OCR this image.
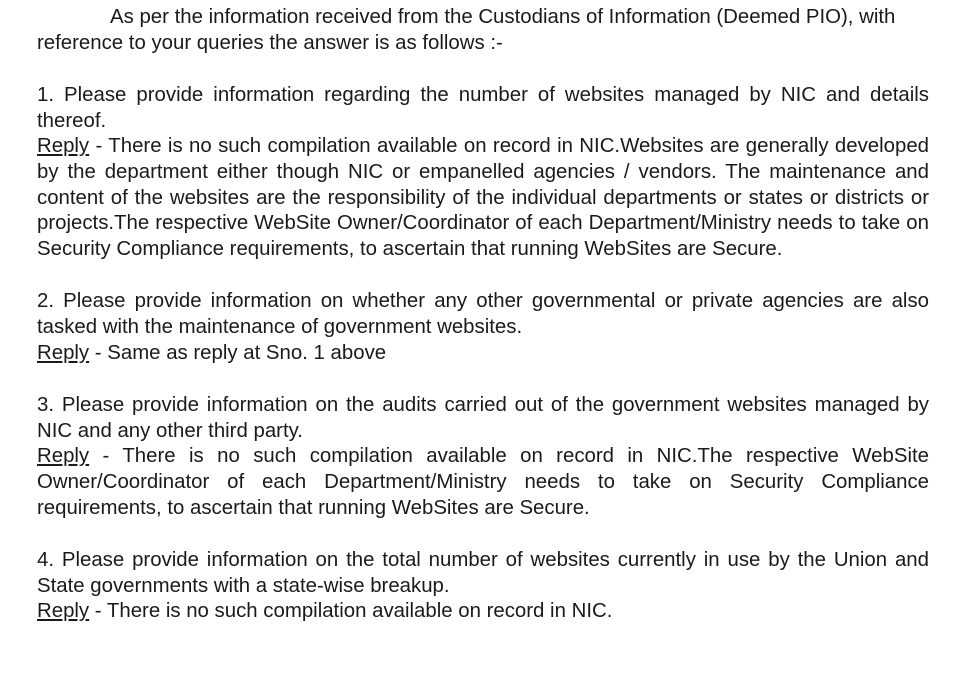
As per the information received from the Custodians of Information (Deemed PIO), with

reference to your queries the answer is as follows :-

1. Please provide information regarding the number of websites managed by NIC and details thereof.

Reply - There is no such compilation available on record in NIC.Websites are generally developed by the department either though NIC or empanelled agencies / vendors. The maintenance and content of the websites are the responsibility of the individual departments or states or districts or projects.The respective WebSite Owner/Coordinator of each Department/Ministry needs to take on Security Compliance requirements, to ascertain that running WebSites are Secure.

2. Please provide information on whether any other governmental or private agencies are also tasked with the maintenance of government websites.

Reply - Same as reply at Sno. 1 above

3. Please provide information on the audits carried out of the government websites managed by NIC and any other third party.

Reply - There is no such compilation available on record in NIC.The respective WebSite Owner/Coordinator of each Department/Ministry needs to take on Security Compliance requirements, to ascertain that running WebSites are Secure.

4. Please provide information on the total number of websites currently in use by the Union and State governments with a state-wise breakup.

Reply - There is no such compilation available on record in NIC.
